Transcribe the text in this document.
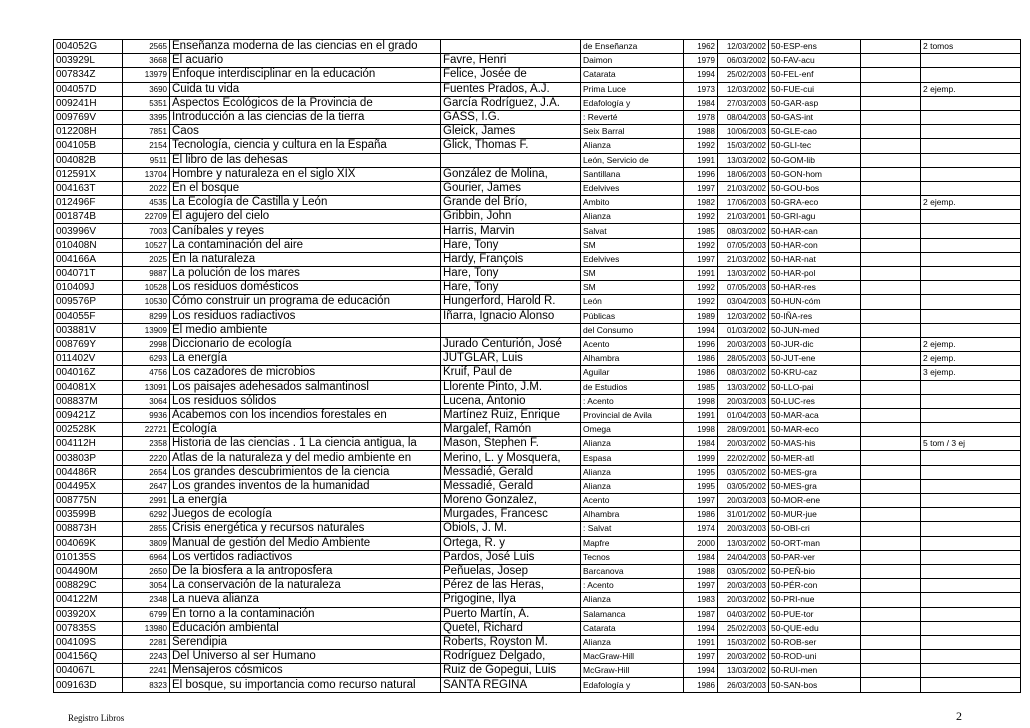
004052G	2565	Enseñanza moderna de las ciencias en el grado		de Enseñanza	1962	12/03/2002	50-ESP-ens		2 tomos
003929L	3668	El acuario	Favre, Henri	Daimon	1979	06/03/2002	50-FAV-acu		
007834Z	13979	Enfoque interdisciplinar en la educación	Felice, Josée de	Catarata	1994	25/02/2003	50-FEL-enf		
004057D	3690	Cuida tu vida	Fuentes Prados, A.J.	Prima Luce	1973	12/03/2002	50-FUE-cui		2 ejemp.
009241H	5351	Aspectos Ecológicos de la Provincia de	García Rodríguez, J.A.	Edafología y	1984	27/03/2003	50-GAR-asp		
009769V	3395	Introducción a las ciencias de la tierra	GASS, I.G.	: Reverté	1978	08/04/2003	50-GAS-int		
012208H	7851	Caos	Gleick, James	Seix Barral	1988	10/06/2003	50-GLE-cao		
004105B	2154	Tecnología, ciencia y cultura en la España	Glick, Thomas F.	Alianza	1992	15/03/2002	50-GLI-tec		
004082B	9511	El libro de las dehesas		León, Servicio de	1991	13/03/2002	50-GOM-lib		
012591X	13704	Hombre y naturaleza en el siglo XIX	González de Molina,	Santillana	1996	18/06/2003	50-GON-hom		
004163T	2022	En el bosque	Gourier, James	Edelvives	1997	21/03/2002	50-GOU-bos		
012496F	4535	La Ecología de Castilla y León	Grande del Brío,	Ambito	1982	17/06/2003	50-GRA-eco		2 ejemp.
001874B	22709	El agujero del cielo	Gribbin, John	Alianza	1992	21/03/2001	50-GRI-agu		
003996V	7003	Caníbales y reyes	Harris, Marvin	Salvat	1985	08/03/2002	50-HAR-can		
010408N	10527	La contaminación del aire	Hare, Tony	SM	1992	07/05/2003	50-HAR-con		
004166A	2025	En la naturaleza	Hardy, François	Edelvives	1997	21/03/2002	50-HAR-nat		
004071T	9887	La polución de los mares	Hare, Tony	SM	1991	13/03/2002	50-HAR-pol		
010409J	10528	Los residuos domésticos	Hare, Tony	SM	1992	07/05/2003	50-HAR-res		
009576P	10530	Cómo construir un programa de educación	Hungerford, Harold R.	León	1992	03/04/2003	50-HUN-cóm		
004055F	8299	Los residuos radiactivos	Iñarra, Ignacio Alonso	Públicas	1989	12/03/2002	50-IÑA-res		
003881V	13909	El medio ambiente		del Consumo	1994	01/03/2002	50-JUN-med		
008769Y	2998	Diccionario de ecología	Jurado Centurión, José	Acento	1996	20/03/2003	50-JUR-dic		2 ejemp.
011402V	6293	La energía	JUTGLAR, Luis	Alhambra	1986	28/05/2003	50-JUT-ene		2 ejemp.
004016Z	4756	Los cazadores de microbios	Kruif, Paul de	Aguilar	1986	08/03/2002	50-KRU-caz		3 ejemp.
004081X	13091	Los paisajes adehesados salmantinosl	Llorente Pinto, J.M.	de Estudios	1985	13/03/2002	50-LLO-pai		
008837M	3064	Los residuos sólidos	Lucena, Antonio	: Acento	1998	20/03/2003	50-LUC-res		
009421Z	9936	Acabemos con los incendios forestales en	Martínez Ruiz, Enrique	Provincial de Avila	1991	01/04/2003	50-MAR-aca		
002528K	22721	Ecología	Margalef, Ramón	Omega	1998	28/09/2001	50-MAR-eco		
004112H	2358	Historia de las ciencias . 1 La ciencia antigua, la	Mason, Stephen F.	Alianza	1984	20/03/2002	50-MAS-his		5 tom / 3 ej
003803P	2220	Atlas de la naturaleza y del medio ambiente en	Merino, L. y Mosquera,	Espasa	1999	22/02/2002	50-MER-atl		
004486R	2654	Los grandes descubrimientos de la ciencia	Messadié, Gerald	Alianza	1995	03/05/2002	50-MES-gra		
004495X	2647	Los grandes inventos de la humanidad	Messadié, Gerald	Alianza	1995	03/05/2002	50-MES-gra		
008775N	2991	La energía	Moreno Gonzalez,	Acento	1997	20/03/2003	50-MOR-ene		
003599B	6292	Juegos de ecología	Murgades, Francesc	Alhambra	1986	31/01/2002	50-MUR-jue		
008873H	2855	Crisis energética y recursos naturales	Obiols, J. M.	: Salvat	1974	20/03/2003	50-OBI-cri		
004069K	3809	Manual de gestión del Medio Ambiente	Ortega, R. y	Mapfre	2000	13/03/2002	50-ORT-man		
010135S	6964	Los vertidos radiactivos	Pardos, José Luis	Tecnos	1984	24/04/2003	50-PAR-ver		
004490M	2650	De la biosfera a la antroposfera	Peñuelas, Josep	Barcanova	1988	03/05/2002	50-PEÑ-bio		
008829C	3054	La conservación de la naturaleza	Pérez de las Heras,	: Acento	1997	20/03/2003	50-PÉR-con		
004122M	2348	La nueva alianza	Prigogine, Ilya	Alianza	1983	20/03/2002	50-PRI-nue		
003920X	6799	En torno a la contaminación	Puerto Martín, A.	Salamanca	1987	04/03/2002	50-PUE-tor		
007835S	13980	Educación ambiental	Quetel, Richard	Catarata	1994	25/02/2003	50-QUE-edu		
004109S	2281	Serendipia	Roberts, Royston M.	Alianza	1991	15/03/2002	50-ROB-ser		
004156Q	2243	Del Universo al ser Humano	Rodríguez Delgado,	MacGraw-Hill	1997	20/03/2002	50-ROD-uni		
004067L	2241	Mensajeros cósmicos	Ruiz de Gopegui, Luis	McGraw-Hill	1994	13/03/2002	50-RUI-men		
009163D	8323	El bosque, su importancia como recurso natural	SANTA REGINA	Edafología y	1986	26/03/2003	50-SAN-bos		
Registro Libros	2
